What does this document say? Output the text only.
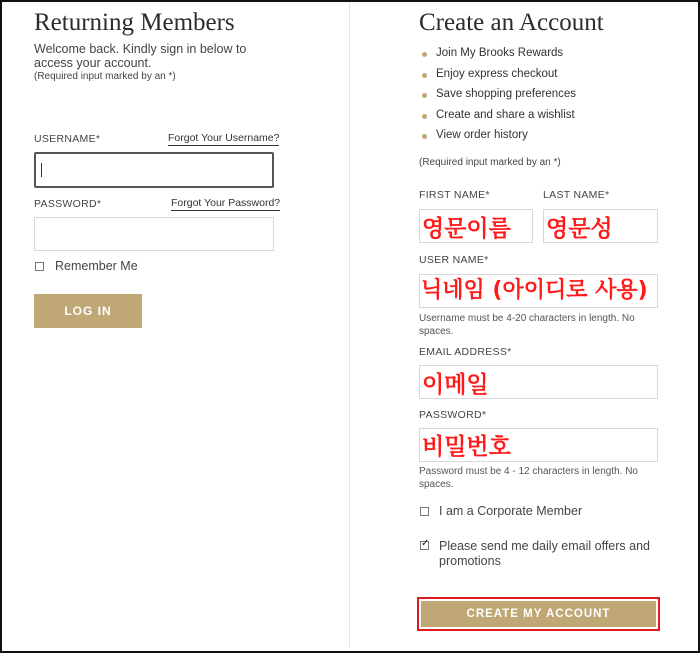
Returning Members
Welcome back. Kindly sign in below to access your account.
(Required input marked by an *)
USERNAME*	Forgot Your Username?
PASSWORD*	Forgot Your Password?
Remember Me
LOG IN
Create an Account
Join My Brooks Rewards
Enjoy express checkout
Save shopping preferences
Create and share a wishlist
View order history
(Required input marked by an *)
FIRST NAME*	LAST NAME*
영문이름 영문성
USER NAME*
닉네임 (아이디로 사용)
Username must be 4-20 characters in length. No spaces.
EMAIL ADDRESS*
이메일
PASSWORD*
비밀번호
Password must be 4 - 12 characters in length. No spaces.
I am a Corporate Member
✓
Please send me daily email offers and promotions
CREATE MY ACCOUNT
